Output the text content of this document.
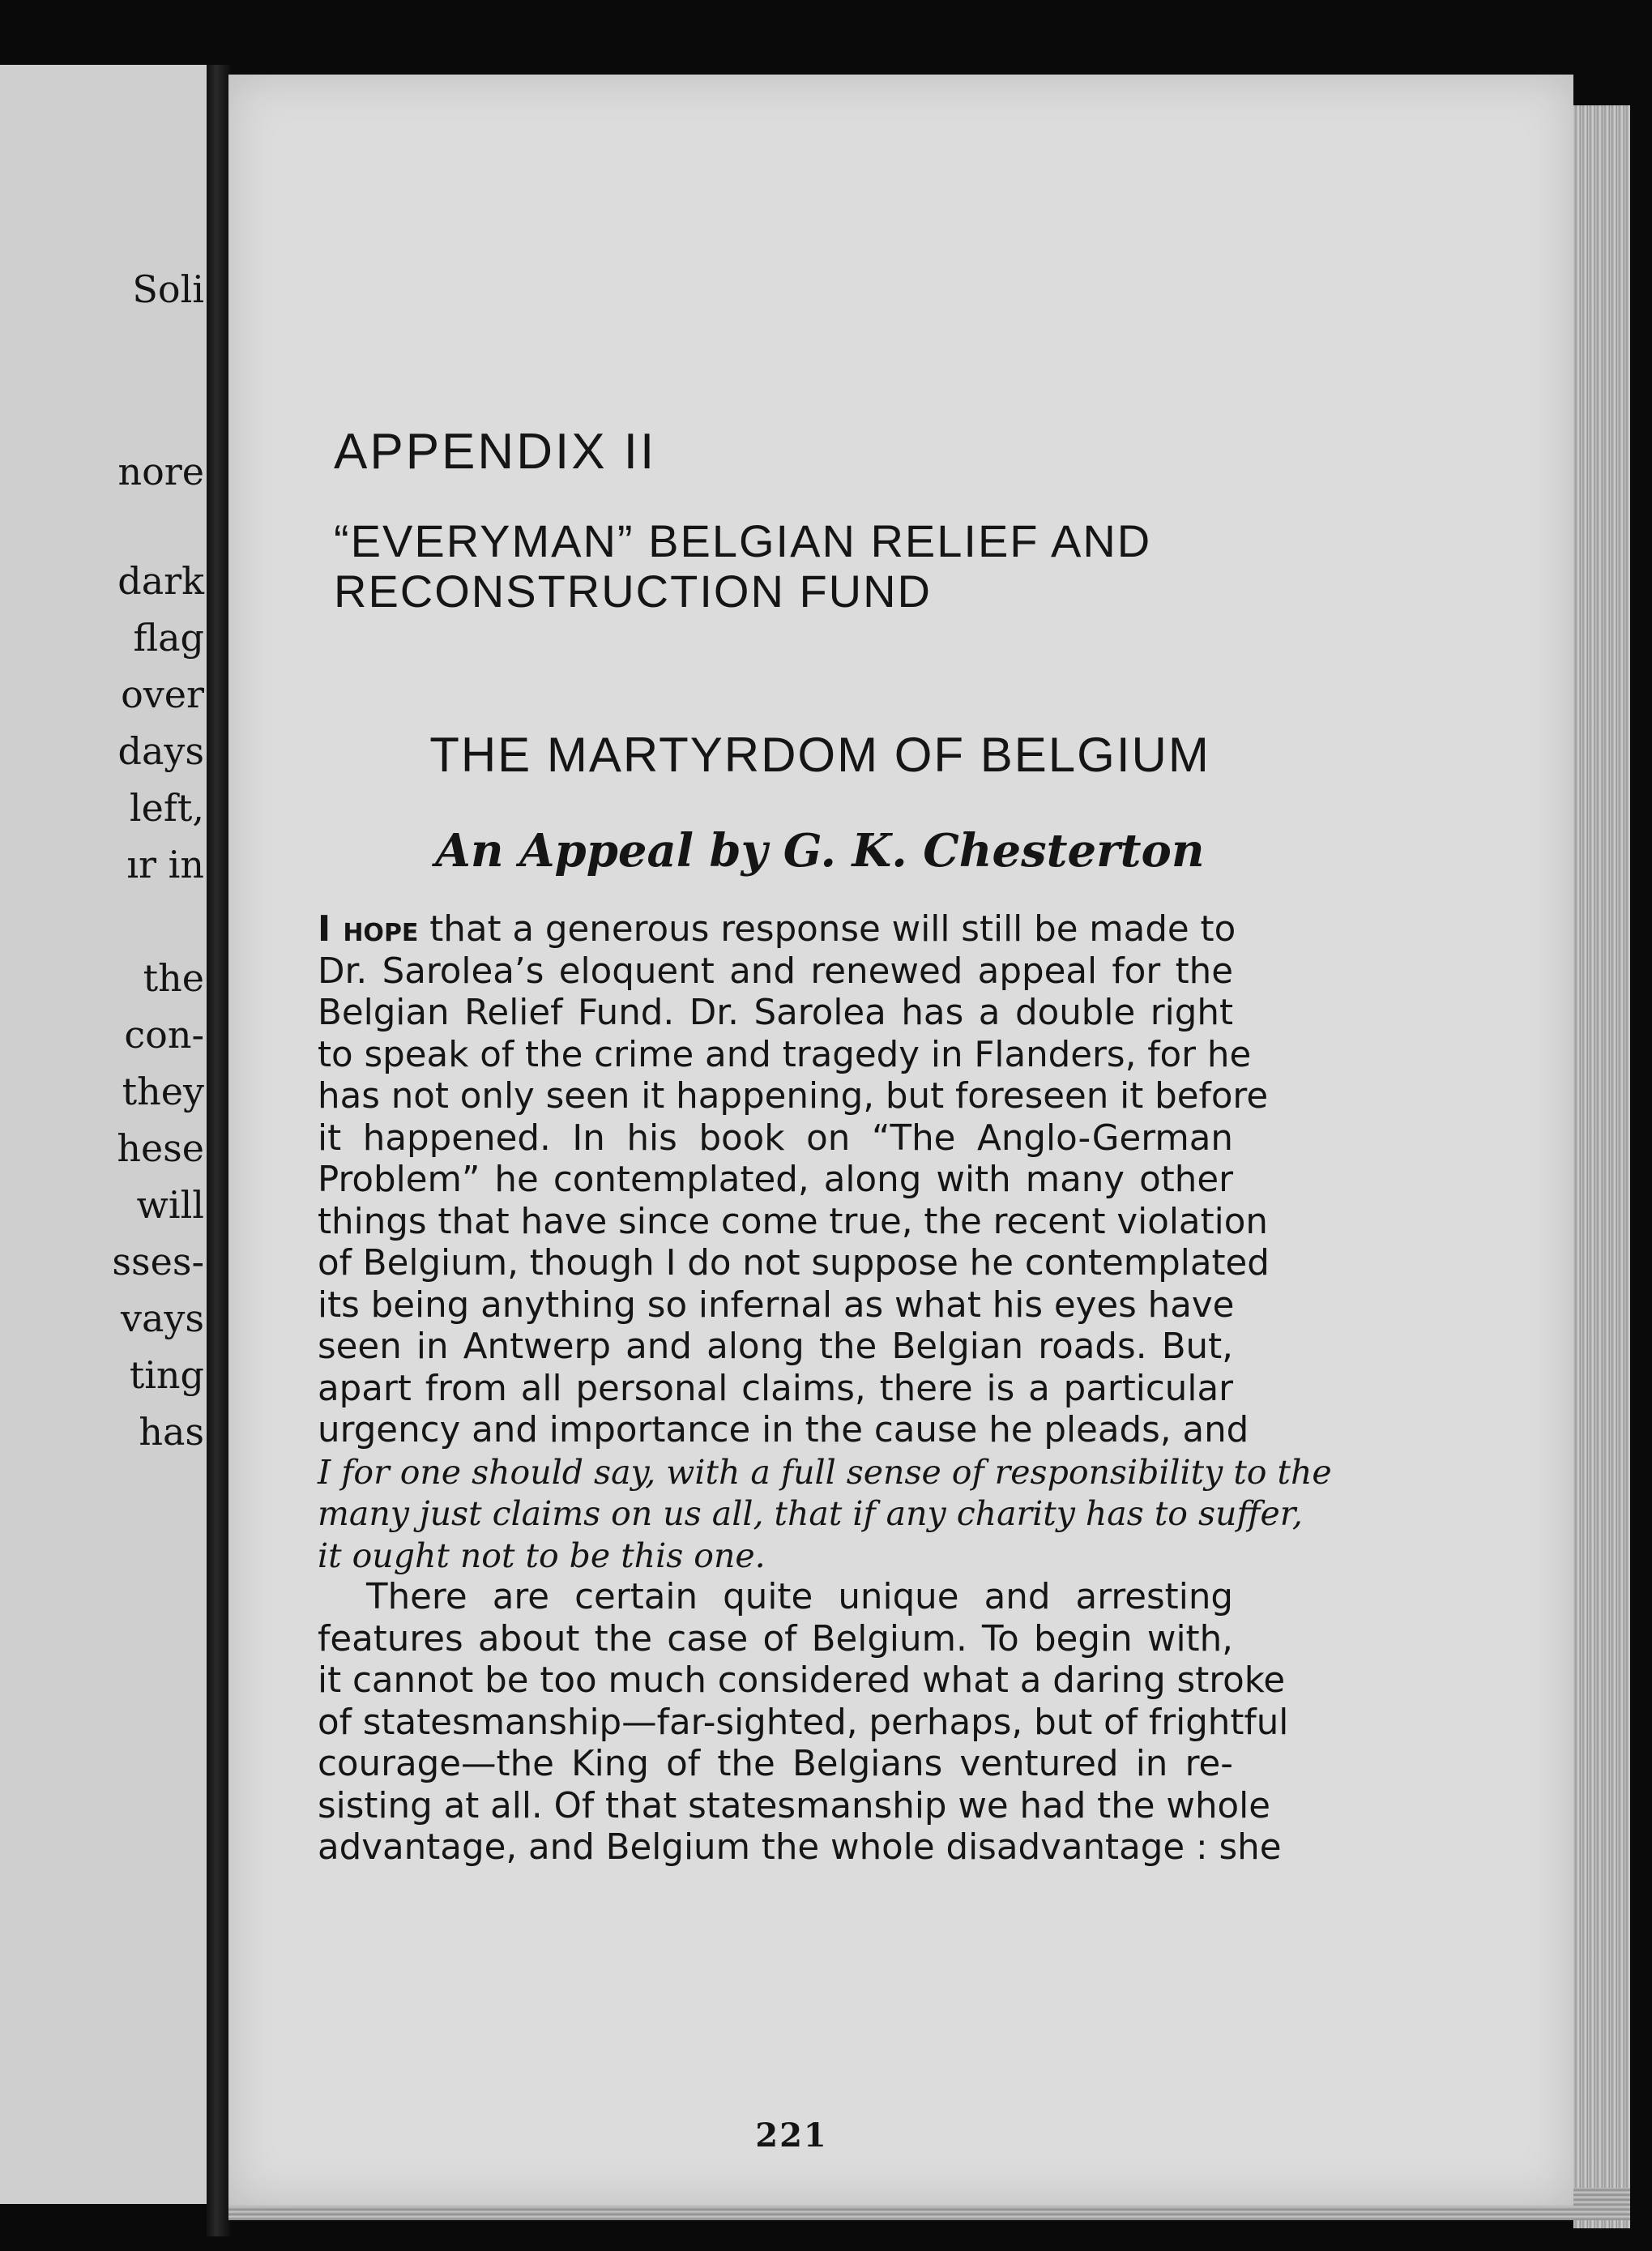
Soli
nore
dark
flag
over
days
left,
ır in
the
con-
they
hese
will
sses-
vays
ting
has
APPENDIX II
“EVERYMAN” BELGIAN RELIEF AND
RECONSTRUCTION FUND
THE MARTYRDOM OF BELGIUM
An Appeal by G. K. Chesterton
I hope that a generous response will still be made to
Dr. Sarolea’s eloquent and renewed appeal for the
Belgian Relief Fund. Dr. Sarolea has a double right
to speak of the crime and tragedy in Flanders, for he
has not only seen it happening, but foreseen it before
it happened. In his book on “The Anglo-German
Problem” he contemplated, along with many other
things that have since come true, the recent violation
of Belgium, though I do not suppose he contemplated
its being anything so infernal as what his eyes have
seen in Antwerp and along the Belgian roads. But,
apart from all personal claims, there is a particular
urgency and importance in the cause he pleads, and
I for one should say, with a full sense of responsibility to the
many just claims on us all, that if any charity has to suffer,
it ought not to be this one.
There are certain quite unique and arresting
features about the case of Belgium. To begin with,
it cannot be too much considered what a daring stroke
of statesmanship—far-sighted, perhaps, but of frightful
courage—the King of the Belgians ventured in re-
sisting at all. Of that statesmanship we had the whole
advantage, and Belgium the whole disadvantage : she
221
